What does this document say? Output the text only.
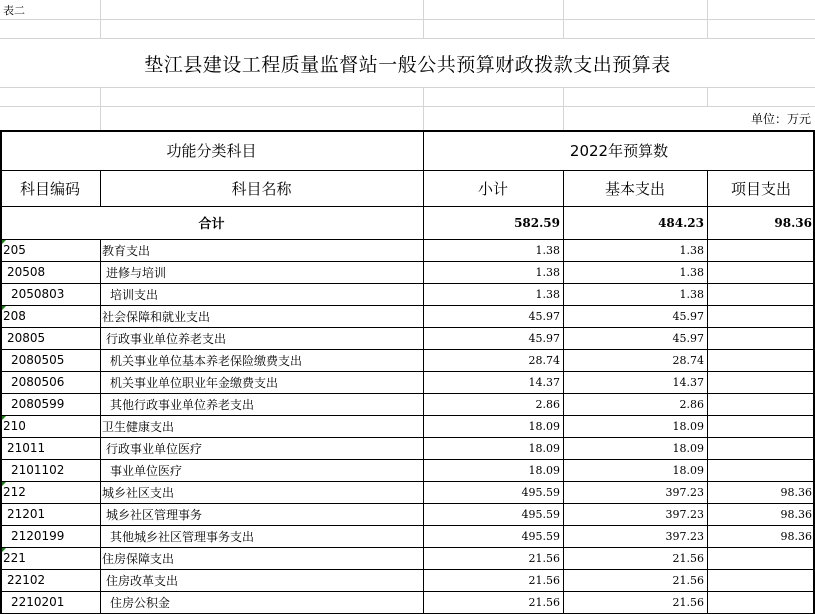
表二
垫江县建设工程质量监督站一般公共预算财政拨款支出预算表
单位：万元
功能分类科目	2022年预算数
科目编码	科目名称	小计	基本支出	项目支出
合计	582.59	484.23	98.36
205	教育支出	1.38	1.38
20508	进修与培训	1.38	1.38
2050803	培训支出	1.38	1.38
208	社会保障和就业支出	45.97	45.97
20805	行政事业单位养老支出	45.97	45.97
2080505	机关事业单位基本养老保险缴费支出	28.74	28.74
2080506	机关事业单位职业年金缴费支出	14.37	14.37
2080599	其他行政事业单位养老支出	2.86	2.86
210	卫生健康支出	18.09	18.09
21011	行政事业单位医疗	18.09	18.09
2101102	事业单位医疗	18.09	18.09
212	城乡社区支出	495.59	397.23	98.36
21201	城乡社区管理事务	495.59	397.23	98.36
2120199	其他城乡社区管理事务支出	495.59	397.23	98.36
221	住房保障支出	21.56	21.56
22102	住房改革支出	21.56	21.56
2210201	住房公积金	21.56	21.56
